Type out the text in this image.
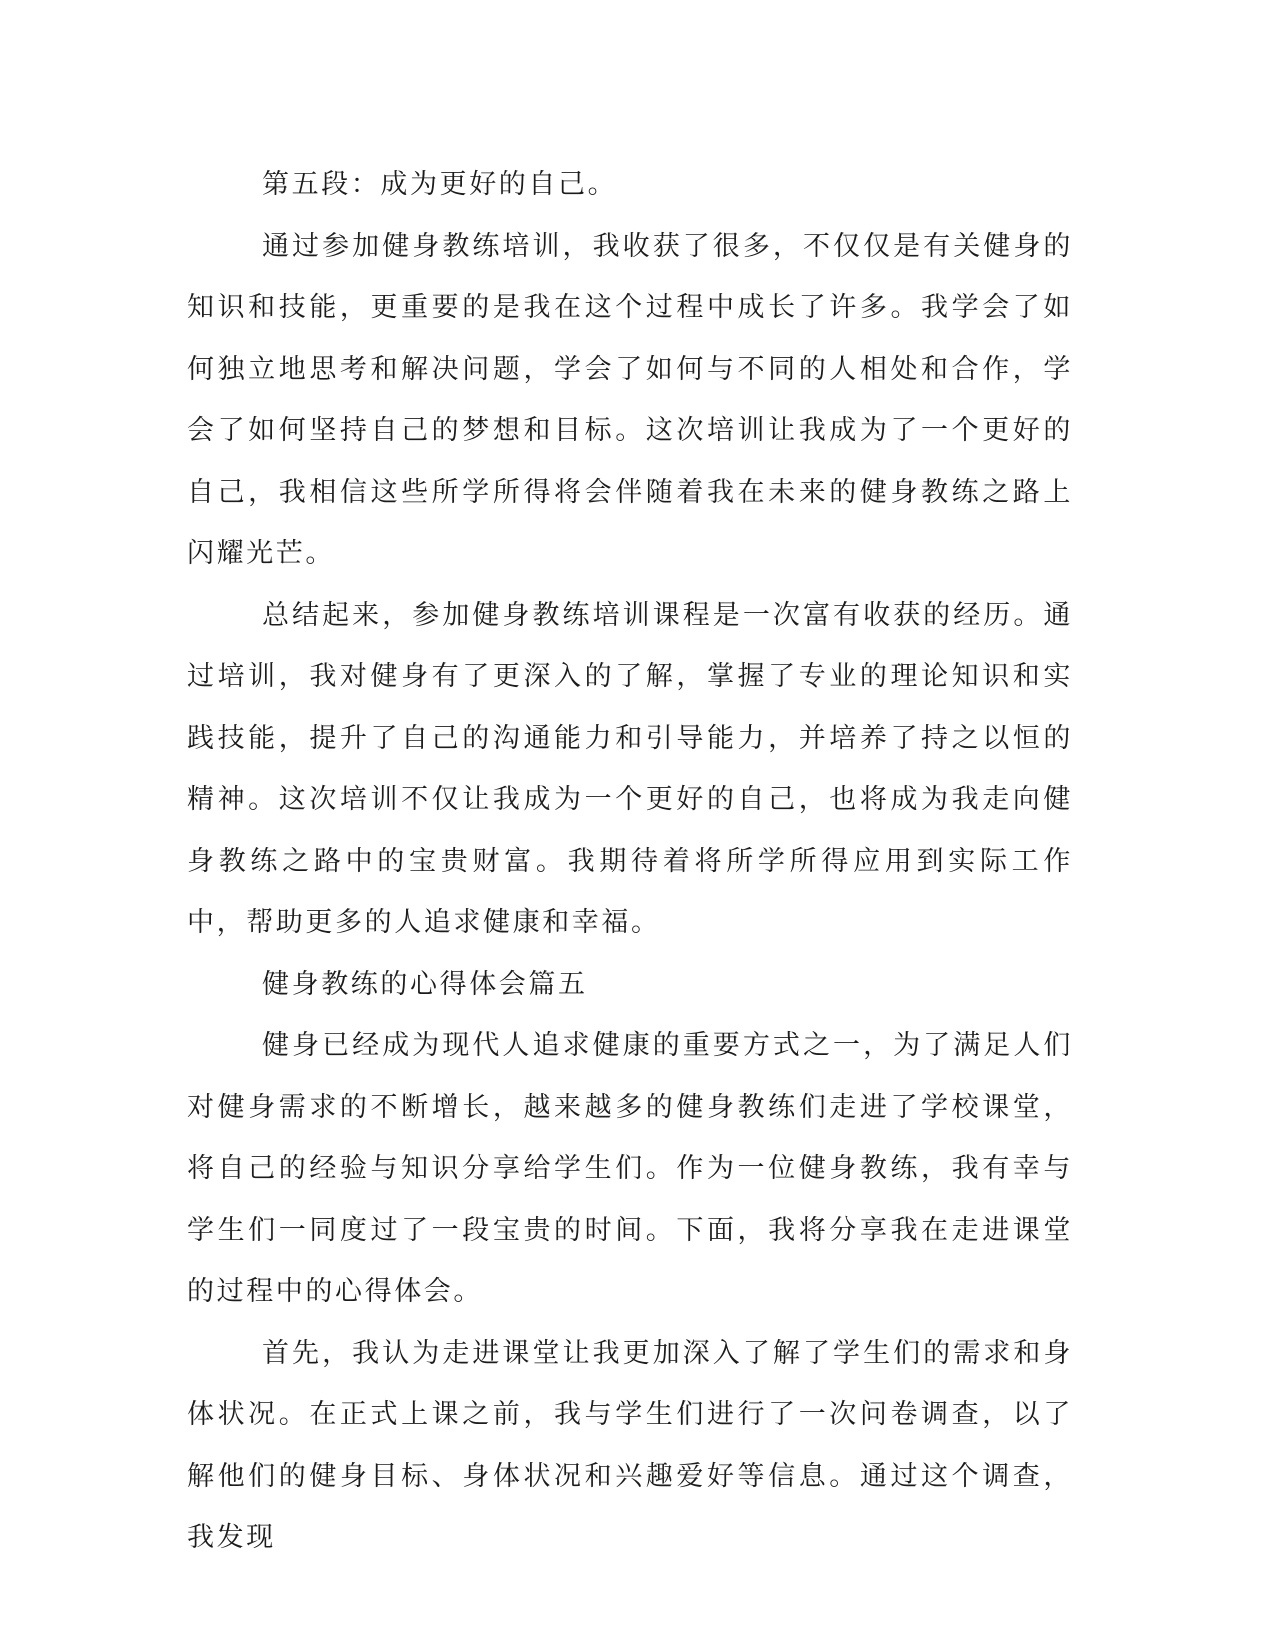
第五段：成为更好的自己。

通过参加健身教练培训，我收获了很多，不仅仅是有关健身的知识和技能，更重要的是我在这个过程中成长了许多。我学会了如何独立地思考和解决问题，学会了如何与不同的人相处和合作，学会了如何坚持自己的梦想和目标。这次培训让我成为了一个更好的自己，我相信这些所学所得将会伴随着我在未来的健身教练之路上闪耀光芒。

总结起来，参加健身教练培训课程是一次富有收获的经历。通过培训，我对健身有了更深入的了解，掌握了专业的理论知识和实践技能，提升了自己的沟通能力和引导能力，并培养了持之以恒的精神。这次培训不仅让我成为一个更好的自己，也将成为我走向健身教练之路中的宝贵财富。我期待着将所学所得应用到实际工作中，帮助更多的人追求健康和幸福。

健身教练的心得体会篇五

健身已经成为现代人追求健康的重要方式之一，为了满足人们对健身需求的不断增长，越来越多的健身教练们走进了学校课堂，将自己的经验与知识分享给学生们。作为一位健身教练，我有幸与学生们一同度过了一段宝贵的时间。下面，我将分享我在走进课堂的过程中的心得体会。

首先，我认为走进课堂让我更加深入了解了学生们的需求和身体状况。在正式上课之前，我与学生们进行了一次问卷调查，以了解他们的健身目标、身体状况和兴趣爱好等信息。通过这个调查，我发现
